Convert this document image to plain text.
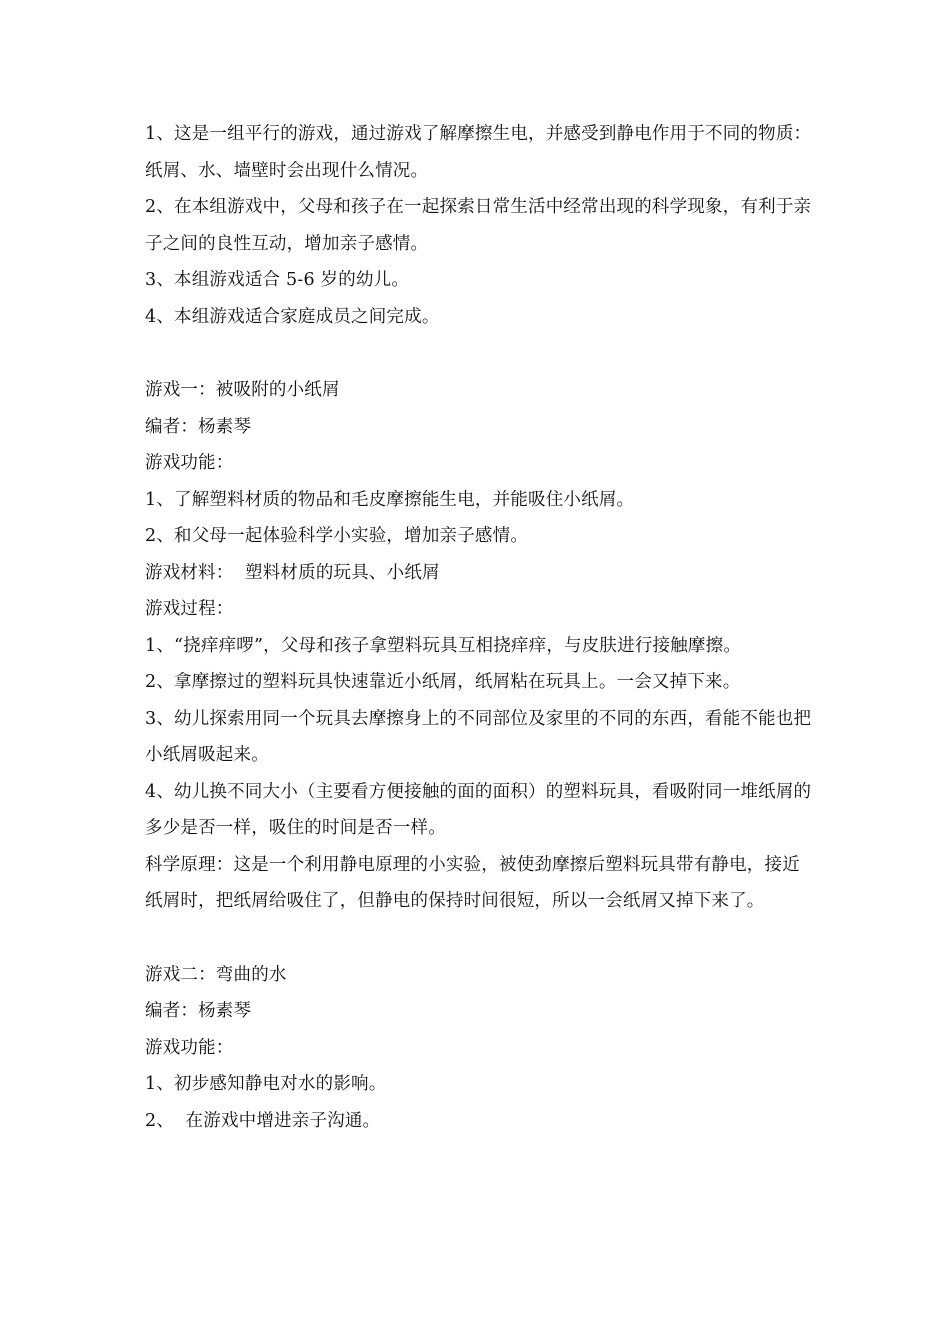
1、这是一组平行的游戏，通过游戏了解摩擦生电，并感受到静电作用于不同的物质：纸屑、水、墙壁时会出现什么情况。

2、在本组游戏中，父母和孩子在一起探索日常生活中经常出现的科学现象，有利于亲子之间的良性互动，增加亲子感情。

3、本组游戏适合 5-6 岁的幼儿。

4、本组游戏适合家庭成员之间完成。

游戏一：被吸附的小纸屑

编者：杨素琴

游戏功能：

1、了解塑料材质的物品和毛皮摩擦能生电，并能吸住小纸屑。

2、和父母一起体验科学小实验，增加亲子感情。

游戏材料：  塑料材质的玩具、小纸屑

游戏过程：

1、“挠痒痒啰”，父母和孩子拿塑料玩具互相挠痒痒，与皮肤进行接触摩擦。

2、拿摩擦过的塑料玩具快速靠近小纸屑，纸屑粘在玩具上。一会又掉下来。

3、幼儿探索用同一个玩具去摩擦身上的不同部位及家里的不同的东西，看能不能也把小纸屑吸起来。

4、幼儿换不同大小（主要看方便接触的面的面积）的塑料玩具，看吸附同一堆纸屑的多少是否一样，吸住的时间是否一样。

科学原理：这是一个利用静电原理的小实验，被使劲摩擦后塑料玩具带有静电，接近纸屑时，把纸屑给吸住了，但静电的保持时间很短，所以一会纸屑又掉下来了。

游戏二：弯曲的水

编者：杨素琴

游戏功能：

1、初步感知静电对水的影响。

2、  在游戏中增进亲子沟通。
